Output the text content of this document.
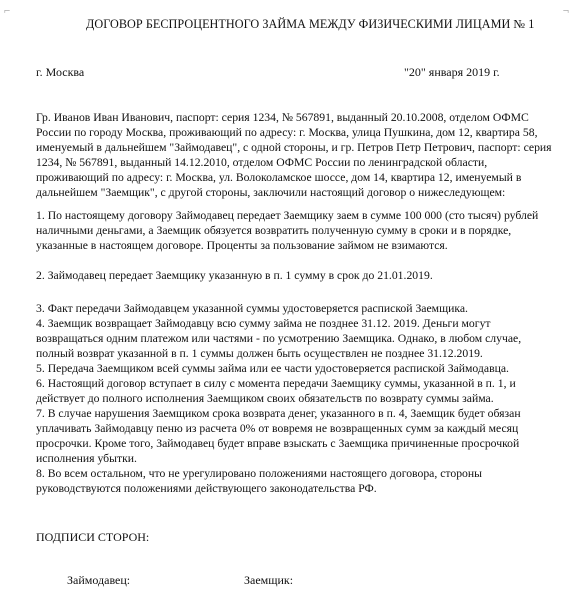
⌐	¬
ДОГОВОР БЕСПРОЦЕНТНОГО ЗАЙМА МЕЖДУ ФИЗИЧЕСКИМИ ЛИЦАМИ № 1
г. Москва	"20" января 2019 г.
Гр. Иванов Иван Иванович, паспорт: серия 1234, № 567891, выданный 20.10.2008, отделом ОФМС
России по городу Москва, проживающий по адресу: г. Москва, улица Пушкина, дом 12, квартира 58,
именуемый в дальнейшем "Займодавец", с одной стороны, и гр. Петров Петр Петрович, паспорт: серия
1234, № 567891, выданный 14.12.2010, отделом ОФМС России по ленинградской области,
проживающий по адресу: г. Москва, ул. Волоколамское шоссе, дом 14, квартира 12, именуемый в
дальнейшем "Заемщик", с другой стороны, заключили настоящий договор о нижеследующем:
1. По настоящему договору Займодавец передает Заемщику заем в сумме 100 000 (сто тысяч) рублей
наличными деньгами, а Заемщик обязуется возвратить полученную сумму в сроки и в порядке,
указанные в настоящем договоре. Проценты за пользование займом не взимаются.
2. Займодавец передает Заемщику указанную в п. 1 сумму в срок до 21.01.2019.
3. Факт передачи Займодавцем указанной суммы удостоверяется распиской Заемщика.
4. Заемщик возвращает Займодавцу всю сумму займа не позднее 31.12. 2019. Деньги могут
возвращаться одним платежом или частями - по усмотрению Заемщика. Однако, в любом случае,
полный возврат указанной в п. 1 суммы должен быть осуществлен не позднее 31.12.2019.
5. Передача Заемщиком всей суммы займа или ее части удостоверяется распиской Займодавца.
6. Настоящий договор вступает в силу с момента передачи Заемщику суммы, указанной в п. 1, и
действует до полного исполнения Заемщиком своих обязательств по возврату суммы займа.
7. В случае нарушения Заемщиком срока возврата денег, указанного в п. 4, Заемщик будет обязан
уплачивать Займодавцу пеню из расчета 0% от вовремя не возвращенных сумм за каждый месяц
просрочки. Кроме того, Займодавец будет вправе взыскать с Заемщика причиненные просрочкой
исполнения убытки.
8. Во всем остальном, что не урегулировано положениями настоящего договора, стороны
руководствуются положениями действующего законодательства РФ.
ПОДПИСИ СТОРОН:
Займодавец:	Заемщик:
